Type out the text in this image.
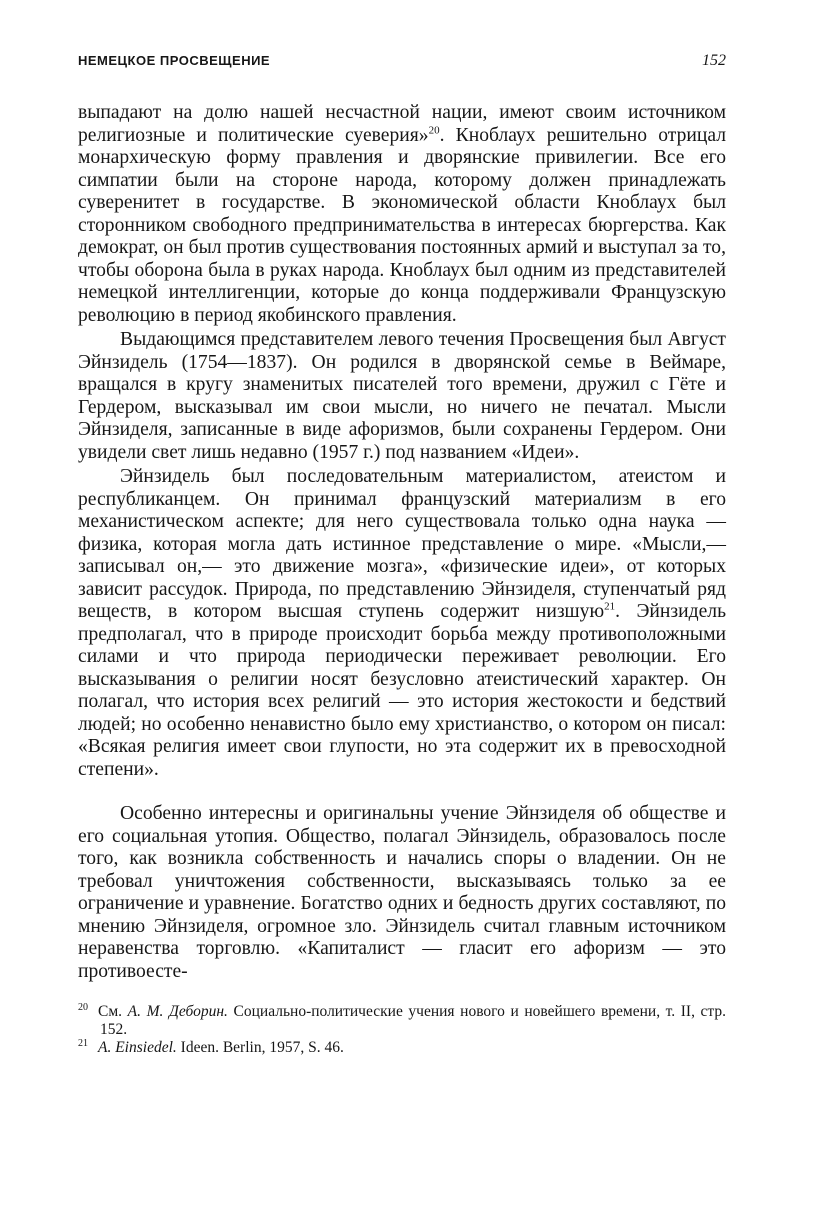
НЕМЕЦКОЕ ПРОСВЕЩЕНИЕ	152

выпадают на долю нашей несчастной нации, имеют своим источником религиозные и политические суеверия»$^{20}$. Кноблаух решительно отрицал монархическую форму правления и дворянские привилегии. Все его симпатии были на стороне народа, которому должен принадлежать суверенитет в государстве. В экономической области Кноблаух был сторонником свободного предпринимательства в интересах бюргерства. Как демократ, он был против существования постоянных армий и выступал за то, чтобы оборона была в руках народа. Кноблаух был одним из представителей немецкой интеллигенции, которые до конца поддерживали Французскую революцию в период якобинского правления.

Выдающимся представителем левого течения Просвещения был Август Эйнзидель (1754—1837). Он родился в дворянской семье в Веймаре, вращался в кругу знаменитых писателей того времени, дружил с Гёте и Гердером, высказывал им свои мысли, но ничего не печатал. Мысли Эйнзиделя, записанные в виде афоризмов, были сохранены Гердером. Они увидели свет лишь недавно (1957 г.) под названием «Идеи».

Эйнзидель был последовательным материалистом, атеистом и республиканцем. Он принимал французский материализм в его механистическом аспекте; для него существовала только одна наука — физика, которая могла дать истинное представление о мире. «Мысли,— записывал он,— это движение мозга», «физические идеи», от которых зависит рассудок. Природа, по представлению Эйнзиделя, ступенчатый ряд веществ, в котором высшая ступень содержит низшую$^{21}$. Эйнзидель предполагал, что в природе происходит борьба между противоположными силами и что природа периодически переживает революции. Его высказывания о религии носят безусловно атеистический характер. Он полагал, что история всех религий — это история жестокости и бедствий людей; но особенно ненавистно было ему христианство, о котором он писал: «Всякая религия имеет свои глупости, но эта содержит их в превосходной степени».

Особенно интересны и оригинальны учение Эйнзиделя об обществе и его социальная утопия. Общество, полагал Эйнзидель, образовалось после того, как возникла собственность и начались споры о владении. Он не требовал уничтожения собственности, высказываясь только за ее ограничение и уравнение. Богатство одних и бедность других составляют, по мнению Эйнзиделя, огромное зло. Эйнзидель считал главным источником неравенства торговлю. «Капиталист — гласит его афоризм — это противоесте-

20 См. А. М. Деборин. Социально-политические учения нового и новейшего времени, т. II, стр. 152.
21 A. Einsiedel. Ideen. Berlin, 1957, S. 46.
